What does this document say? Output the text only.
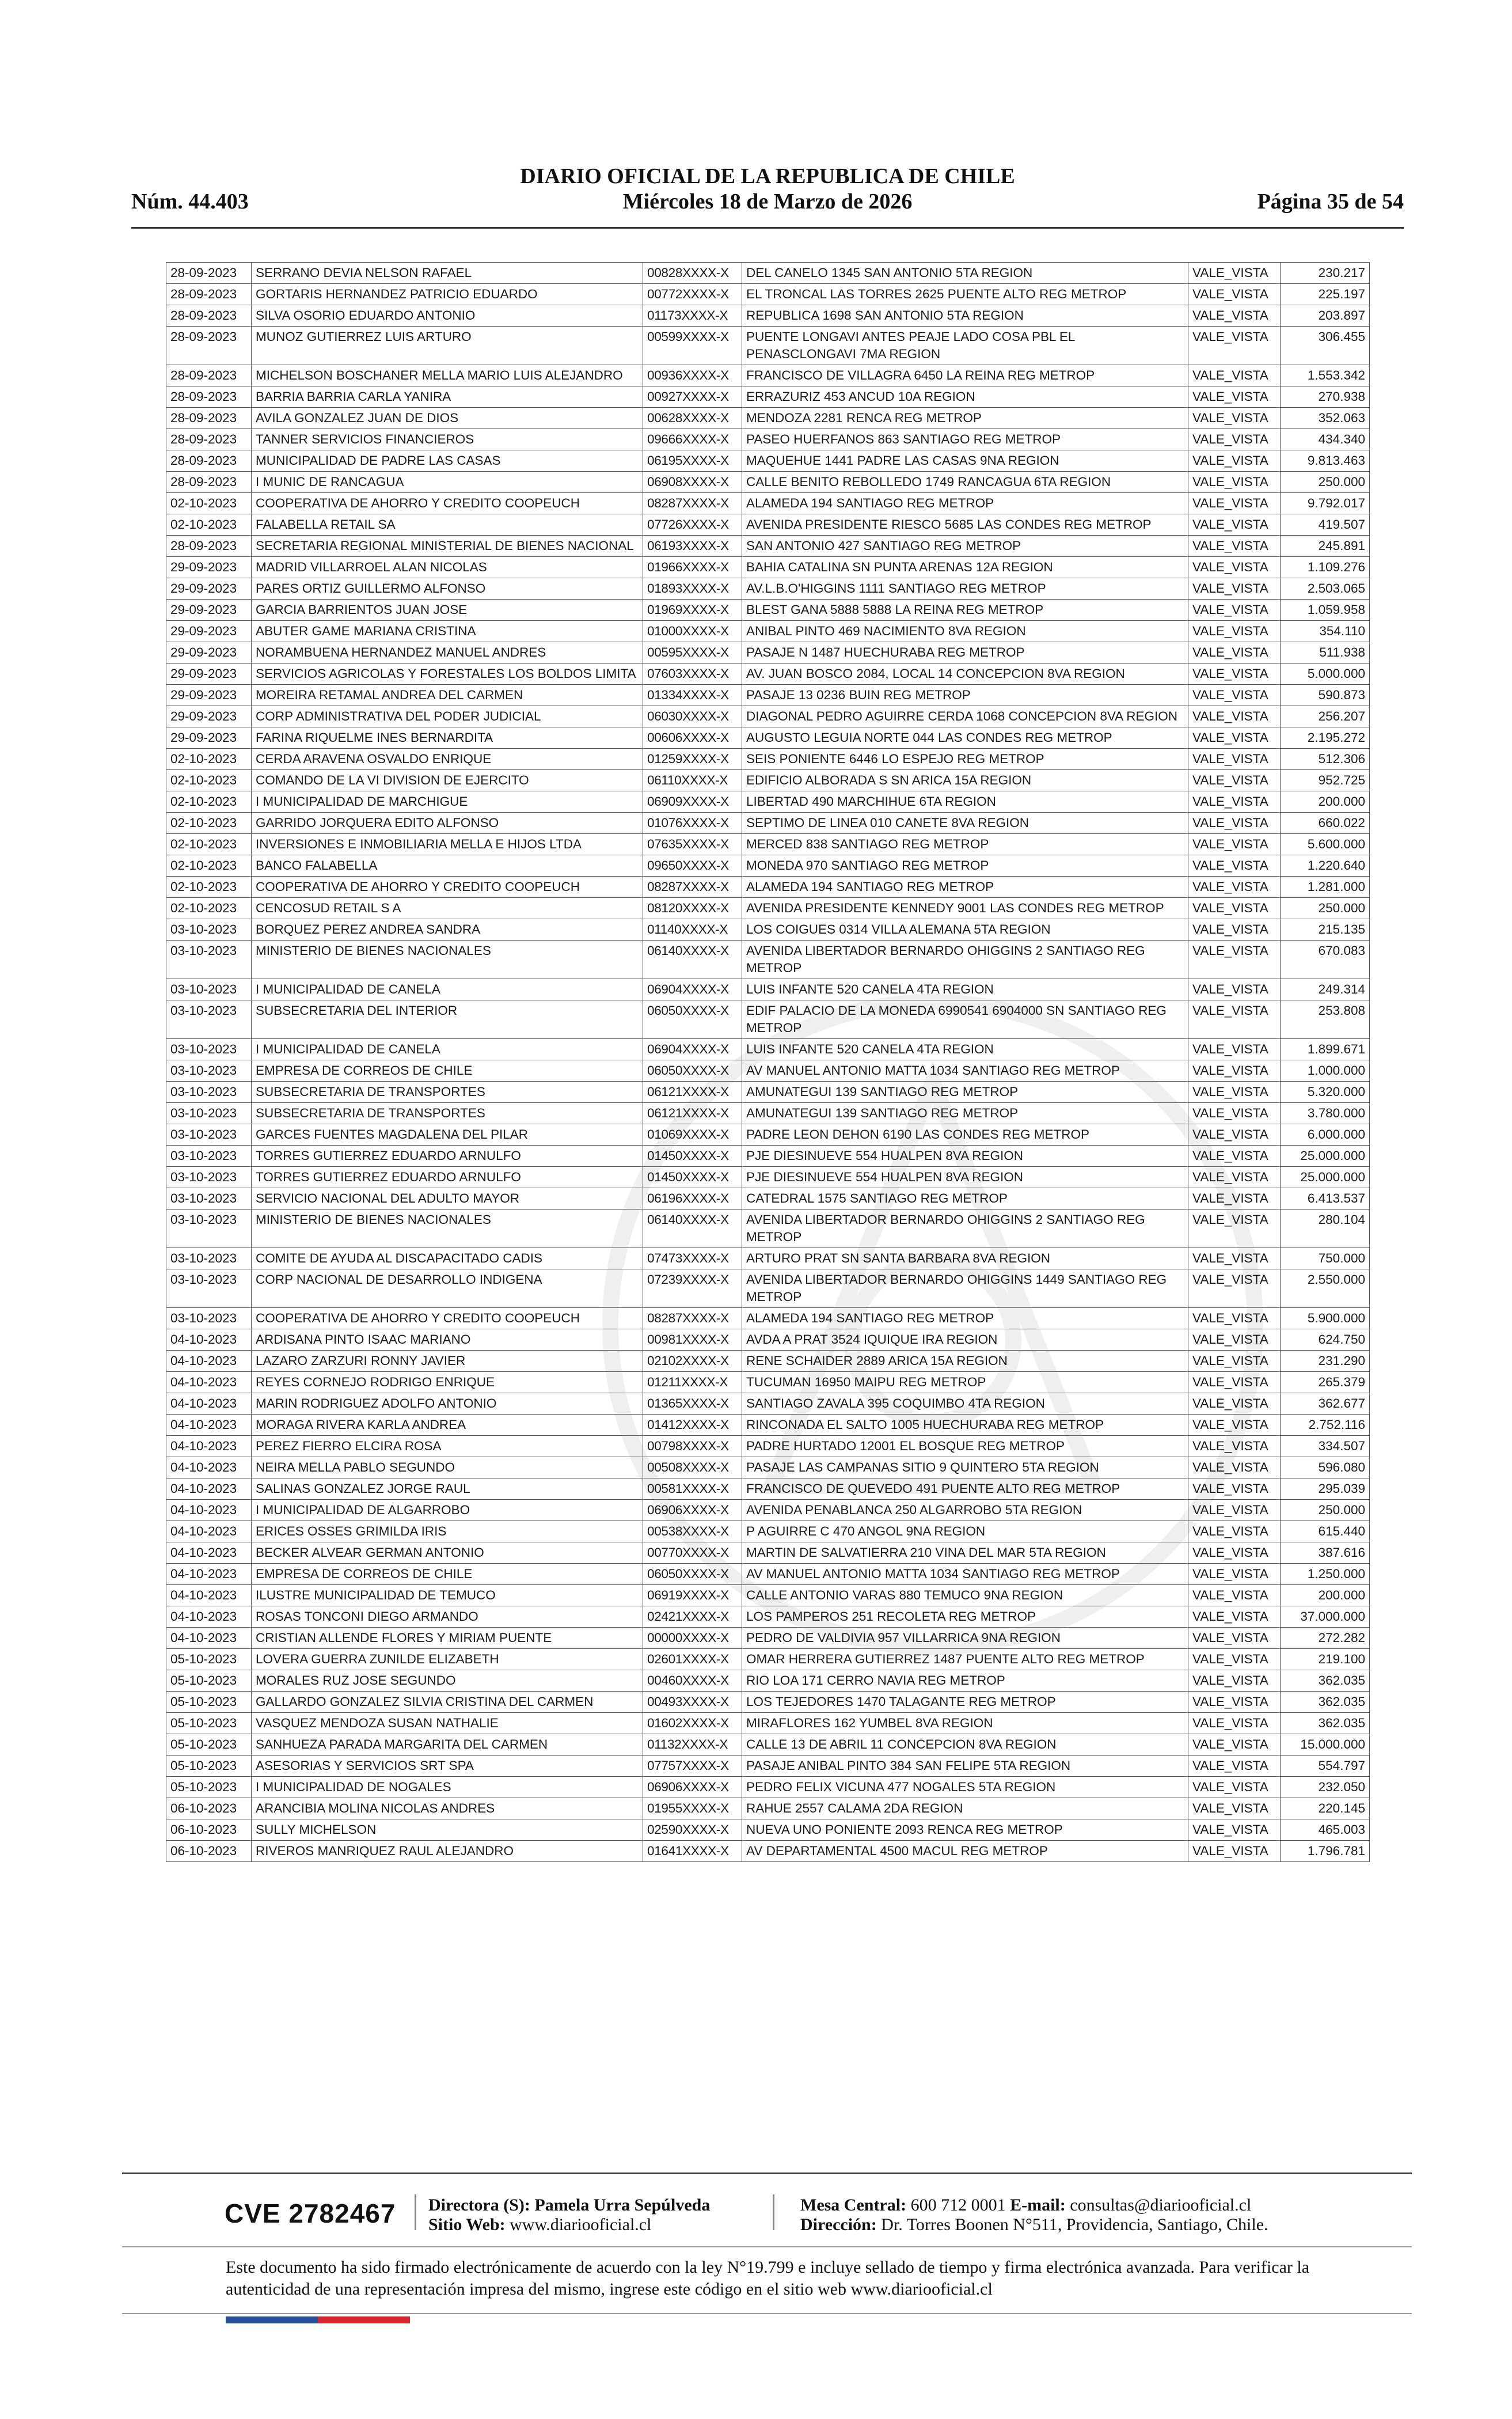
Núm. 44.403
DIARIO OFICIAL DE LA REPUBLICA DE CHILE
Miércoles 18 de Marzo de 2026	Página 35 de 54
28-09-2023	SERRANO DEVIA NELSON RAFAEL	00828XXXX-X	DEL CANELO 1345 SAN ANTONIO 5TA REGION	VALE_VISTA	230.217
28-09-2023	GORTARIS HERNANDEZ PATRICIO EDUARDO	00772XXXX-X	EL TRONCAL LAS TORRES 2625 PUENTE ALTO REG METROP	VALE_VISTA	225.197
28-09-2023	SILVA OSORIO EDUARDO ANTONIO	01173XXXX-X	REPUBLICA 1698 SAN ANTONIO 5TA REGION	VALE_VISTA	203.897
28-09-2023	MUNOZ GUTIERREZ LUIS ARTURO	00599XXXX-X	PUENTE LONGAVI ANTES PEAJE LADO COSA PBL EL PENASCLONGAVI 7MA REGION	VALE_VISTA	306.455
28-09-2023	MICHELSON BOSCHANER MELLA MARIO LUIS ALEJANDRO	00936XXXX-X	FRANCISCO DE VILLAGRA 6450 LA REINA REG METROP	VALE_VISTA	1.553.342
28-09-2023	BARRIA BARRIA CARLA YANIRA	00927XXXX-X	ERRAZURIZ 453 ANCUD 10A REGION	VALE_VISTA	270.938
28-09-2023	AVILA GONZALEZ JUAN DE DIOS	00628XXXX-X	MENDOZA 2281 RENCA REG METROP	VALE_VISTA	352.063
28-09-2023	TANNER SERVICIOS FINANCIEROS	09666XXXX-X	PASEO HUERFANOS 863 SANTIAGO REG METROP	VALE_VISTA	434.340
28-09-2023	MUNICIPALIDAD DE PADRE LAS CASAS	06195XXXX-X	MAQUEHUE 1441 PADRE LAS CASAS 9NA REGION	VALE_VISTA	9.813.463
28-09-2023	I MUNIC DE RANCAGUA	06908XXXX-X	CALLE BENITO REBOLLEDO 1749 RANCAGUA 6TA REGION	VALE_VISTA	250.000
02-10-2023	COOPERATIVA DE AHORRO Y CREDITO COOPEUCH	08287XXXX-X	ALAMEDA 194 SANTIAGO REG METROP	VALE_VISTA	9.792.017
02-10-2023	FALABELLA RETAIL SA	07726XXXX-X	AVENIDA PRESIDENTE RIESCO 5685 LAS CONDES REG METROP	VALE_VISTA	419.507
28-09-2023	SECRETARIA REGIONAL MINISTERIAL DE BIENES NACIONAL	06193XXXX-X	SAN ANTONIO 427 SANTIAGO REG METROP	VALE_VISTA	245.891
29-09-2023	MADRID VILLARROEL ALAN NICOLAS	01966XXXX-X	BAHIA CATALINA SN PUNTA ARENAS 12A REGION	VALE_VISTA	1.109.276
29-09-2023	PARES ORTIZ GUILLERMO ALFONSO	01893XXXX-X	AV.L.B.O'HIGGINS 1111 SANTIAGO REG METROP	VALE_VISTA	2.503.065
29-09-2023	GARCIA BARRIENTOS JUAN JOSE	01969XXXX-X	BLEST GANA 5888 5888 LA REINA REG METROP	VALE_VISTA	1.059.958
29-09-2023	ABUTER GAME MARIANA CRISTINA	01000XXXX-X	ANIBAL PINTO 469 NACIMIENTO 8VA REGION	VALE_VISTA	354.110
29-09-2023	NORAMBUENA HERNANDEZ MANUEL ANDRES	00595XXXX-X	PASAJE N 1487 HUECHURABA REG METROP	VALE_VISTA	511.938
29-09-2023	SERVICIOS AGRICOLAS Y FORESTALES LOS BOLDOS LIMITA	07603XXXX-X	AV. JUAN BOSCO 2084, LOCAL 14 CONCEPCION 8VA REGION	VALE_VISTA	5.000.000
29-09-2023	MOREIRA RETAMAL ANDREA DEL CARMEN	01334XXXX-X	PASAJE 13 0236 BUIN REG METROP	VALE_VISTA	590.873
29-09-2023	CORP ADMINISTRATIVA DEL PODER JUDICIAL	06030XXXX-X	DIAGONAL PEDRO AGUIRRE CERDA 1068 CONCEPCION 8VA REGION	VALE_VISTA	256.207
29-09-2023	FARINA RIQUELME INES BERNARDITA	00606XXXX-X	AUGUSTO LEGUIA NORTE 044 LAS CONDES REG METROP	VALE_VISTA	2.195.272
02-10-2023	CERDA ARAVENA OSVALDO ENRIQUE	01259XXXX-X	SEIS PONIENTE 6446 LO ESPEJO REG METROP	VALE_VISTA	512.306
02-10-2023	COMANDO DE LA VI DIVISION DE EJERCITO	06110XXXX-X	EDIFICIO ALBORADA S SN ARICA 15A REGION	VALE_VISTA	952.725
02-10-2023	I MUNICIPALIDAD DE MARCHIGUE	06909XXXX-X	LIBERTAD 490 MARCHIHUE 6TA REGION	VALE_VISTA	200.000
02-10-2023	GARRIDO JORQUERA EDITO ALFONSO	01076XXXX-X	SEPTIMO DE LINEA 010 CANETE 8VA REGION	VALE_VISTA	660.022
02-10-2023	INVERSIONES E INMOBILIARIA MELLA E HIJOS LTDA	07635XXXX-X	MERCED 838 SANTIAGO REG METROP	VALE_VISTA	5.600.000
02-10-2023	BANCO FALABELLA	09650XXXX-X	MONEDA 970 SANTIAGO REG METROP	VALE_VISTA	1.220.640
02-10-2023	COOPERATIVA DE AHORRO Y CREDITO COOPEUCH	08287XXXX-X	ALAMEDA 194 SANTIAGO REG METROP	VALE_VISTA	1.281.000
02-10-2023	CENCOSUD RETAIL S A	08120XXXX-X	AVENIDA PRESIDENTE KENNEDY 9001 LAS CONDES REG METROP	VALE_VISTA	250.000
03-10-2023	BORQUEZ PEREZ ANDREA SANDRA	01140XXXX-X	LOS COIGUES 0314 VILLA ALEMANA 5TA REGION	VALE_VISTA	215.135
03-10-2023	MINISTERIO DE BIENES NACIONALES	06140XXXX-X	AVENIDA LIBERTADOR BERNARDO OHIGGINS 2 SANTIAGO REG METROP	VALE_VISTA	670.083
03-10-2023	I MUNICIPALIDAD DE CANELA	06904XXXX-X	LUIS INFANTE 520 CANELA 4TA REGION	VALE_VISTA	249.314
03-10-2023	SUBSECRETARIA DEL INTERIOR	06050XXXX-X	EDIF PALACIO DE LA MONEDA 6990541 6904000 SN SANTIAGO REG METROP	VALE_VISTA	253.808
03-10-2023	I MUNICIPALIDAD DE CANELA	06904XXXX-X	LUIS INFANTE 520 CANELA 4TA REGION	VALE_VISTA	1.899.671
03-10-2023	EMPRESA DE CORREOS DE CHILE	06050XXXX-X	AV MANUEL ANTONIO MATTA 1034 SANTIAGO REG METROP	VALE_VISTA	1.000.000
03-10-2023	SUBSECRETARIA DE TRANSPORTES	06121XXXX-X	AMUNATEGUI 139 SANTIAGO REG METROP	VALE_VISTA	5.320.000
03-10-2023	SUBSECRETARIA DE TRANSPORTES	06121XXXX-X	AMUNATEGUI 139 SANTIAGO REG METROP	VALE_VISTA	3.780.000
03-10-2023	GARCES FUENTES MAGDALENA DEL PILAR	01069XXXX-X	PADRE LEON DEHON 6190 LAS CONDES REG METROP	VALE_VISTA	6.000.000
03-10-2023	TORRES GUTIERREZ EDUARDO ARNULFO	01450XXXX-X	PJE DIESINUEVE 554 HUALPEN 8VA REGION	VALE_VISTA	25.000.000
03-10-2023	TORRES GUTIERREZ EDUARDO ARNULFO	01450XXXX-X	PJE DIESINUEVE 554 HUALPEN 8VA REGION	VALE_VISTA	25.000.000
03-10-2023	SERVICIO NACIONAL DEL ADULTO MAYOR	06196XXXX-X	CATEDRAL 1575 SANTIAGO REG METROP	VALE_VISTA	6.413.537
03-10-2023	MINISTERIO DE BIENES NACIONALES	06140XXXX-X	AVENIDA LIBERTADOR BERNARDO OHIGGINS 2 SANTIAGO REG METROP	VALE_VISTA	280.104
03-10-2023	COMITE DE AYUDA AL DISCAPACITADO CADIS	07473XXXX-X	ARTURO PRAT SN SANTA BARBARA 8VA REGION	VALE_VISTA	750.000
03-10-2023	CORP NACIONAL DE DESARROLLO INDIGENA	07239XXXX-X	AVENIDA LIBERTADOR BERNARDO OHIGGINS 1449 SANTIAGO REG METROP	VALE_VISTA	2.550.000
03-10-2023	COOPERATIVA DE AHORRO Y CREDITO COOPEUCH	08287XXXX-X	ALAMEDA 194 SANTIAGO REG METROP	VALE_VISTA	5.900.000
04-10-2023	ARDISANA PINTO ISAAC MARIANO	00981XXXX-X	AVDA A PRAT 3524 IQUIQUE IRA REGION	VALE_VISTA	624.750
04-10-2023	LAZARO ZARZURI RONNY JAVIER	02102XXXX-X	RENE SCHAIDER 2889 ARICA 15A REGION	VALE_VISTA	231.290
04-10-2023	REYES CORNEJO RODRIGO ENRIQUE	01211XXXX-X	TUCUMAN 16950 MAIPU REG METROP	VALE_VISTA	265.379
04-10-2023	MARIN RODRIGUEZ ADOLFO ANTONIO	01365XXXX-X	SANTIAGO ZAVALA 395 COQUIMBO 4TA REGION	VALE_VISTA	362.677
04-10-2023	MORAGA RIVERA KARLA ANDREA	01412XXXX-X	RINCONADA EL SALTO 1005 HUECHURABA REG METROP	VALE_VISTA	2.752.116
04-10-2023	PEREZ FIERRO ELCIRA ROSA	00798XXXX-X	PADRE HURTADO 12001 EL BOSQUE REG METROP	VALE_VISTA	334.507
04-10-2023	NEIRA MELLA PABLO SEGUNDO	00508XXXX-X	PASAJE LAS CAMPANAS SITIO 9 QUINTERO 5TA REGION	VALE_VISTA	596.080
04-10-2023	SALINAS GONZALEZ JORGE RAUL	00581XXXX-X	FRANCISCO DE QUEVEDO 491 PUENTE ALTO REG METROP	VALE_VISTA	295.039
04-10-2023	I MUNICIPALIDAD DE ALGARROBO	06906XXXX-X	AVENIDA PENABLANCA 250 ALGARROBO 5TA REGION	VALE_VISTA	250.000
04-10-2023	ERICES OSSES GRIMILDA IRIS	00538XXXX-X	P AGUIRRE C 470 ANGOL 9NA REGION	VALE_VISTA	615.440
04-10-2023	BECKER ALVEAR GERMAN ANTONIO	00770XXXX-X	MARTIN DE SALVATIERRA 210 VINA DEL MAR 5TA REGION	VALE_VISTA	387.616
04-10-2023	EMPRESA DE CORREOS DE CHILE	06050XXXX-X	AV MANUEL ANTONIO MATTA 1034 SANTIAGO REG METROP	VALE_VISTA	1.250.000
04-10-2023	ILUSTRE MUNICIPALIDAD DE TEMUCO	06919XXXX-X	CALLE ANTONIO VARAS 880 TEMUCO 9NA REGION	VALE_VISTA	200.000
04-10-2023	ROSAS TONCONI DIEGO ARMANDO	02421XXXX-X	LOS PAMPEROS 251 RECOLETA REG METROP	VALE_VISTA	37.000.000
04-10-2023	CRISTIAN ALLENDE FLORES Y MIRIAM PUENTE	00000XXXX-X	PEDRO DE VALDIVIA 957 VILLARRICA 9NA REGION	VALE_VISTA	272.282
05-10-2023	LOVERA GUERRA ZUNILDE ELIZABETH	02601XXXX-X	OMAR HERRERA GUTIERREZ 1487 PUENTE ALTO REG METROP	VALE_VISTA	219.100
05-10-2023	MORALES RUZ JOSE SEGUNDO	00460XXXX-X	RIO LOA 171 CERRO NAVIA REG METROP	VALE_VISTA	362.035
05-10-2023	GALLARDO GONZALEZ SILVIA CRISTINA DEL CARMEN	00493XXXX-X	LOS TEJEDORES 1470 TALAGANTE REG METROP	VALE_VISTA	362.035
05-10-2023	VASQUEZ MENDOZA SUSAN NATHALIE	01602XXXX-X	MIRAFLORES 162 YUMBEL 8VA REGION	VALE_VISTA	362.035
05-10-2023	SANHUEZA PARADA MARGARITA DEL CARMEN	01132XXXX-X	CALLE 13 DE ABRIL 11 CONCEPCION 8VA REGION	VALE_VISTA	15.000.000
05-10-2023	ASESORIAS Y SERVICIOS SRT SPA	07757XXXX-X	PASAJE ANIBAL PINTO 384 SAN FELIPE 5TA REGION	VALE_VISTA	554.797
05-10-2023	I MUNICIPALIDAD DE NOGALES	06906XXXX-X	PEDRO FELIX VICUNA 477 NOGALES 5TA REGION	VALE_VISTA	232.050
06-10-2023	ARANCIBIA MOLINA NICOLAS ANDRES	01955XXXX-X	RAHUE 2557 CALAMA 2DA REGION	VALE_VISTA	220.145
06-10-2023	SULLY MICHELSON	02590XXXX-X	NUEVA UNO PONIENTE 2093 RENCA REG METROP	VALE_VISTA	465.003
06-10-2023	RIVEROS MANRIQUEZ RAUL ALEJANDRO	01641XXXX-X	AV DEPARTAMENTAL 4500 MACUL REG METROP	VALE_VISTA	1.796.781
CVE 2782467 Directora (S): Pamela Urra Sepúlveda
Sitio Web: www.diariooficial.cl
Mesa Central: 600 712 0001 E-mail: consultas@diariooficial.cl
Dirección: Dr. Torres Boonen N°511, Providencia, Santiago, Chile.
Este documento ha sido firmado electrónicamente de acuerdo con la ley N°19.799 e incluye sellado de tiempo y firma electrónica avanzada. Para verificar la autenticidad de una representación impresa del mismo, ingrese este código en el sitio web www.diariooficial.cl
